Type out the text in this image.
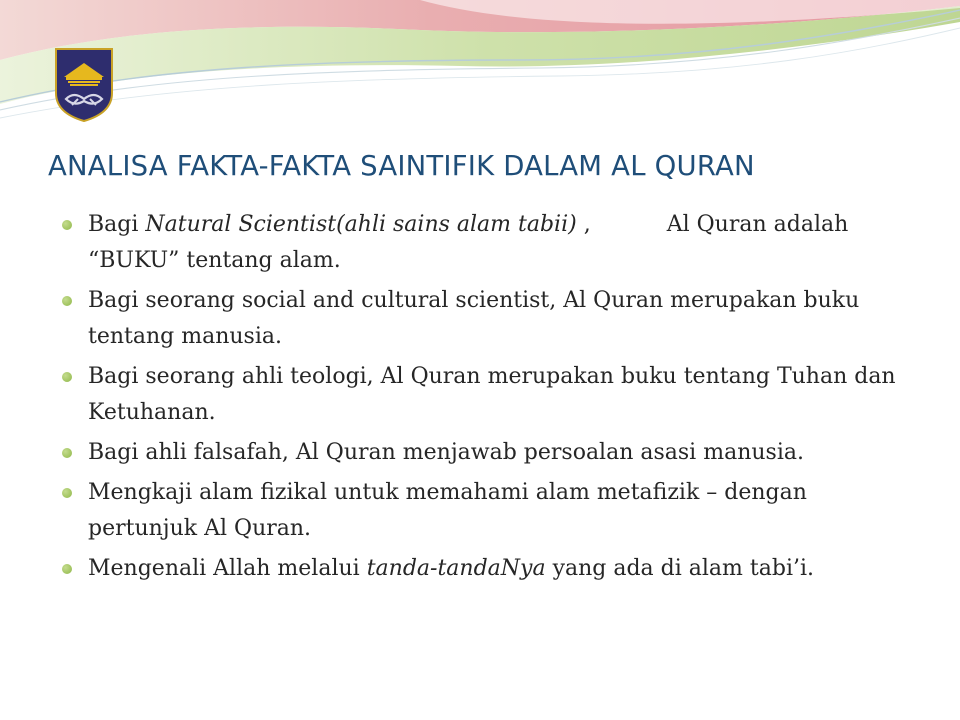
ANALISA FAKTA-FAKTA SAINTIFIK DALAM AL QURAN
Bagi Natural Scientist(ahli sains alam tabii) ,	Al Quran adalah “BUKU” tentang alam.
Bagi seorang social and cultural scientist, Al Quran merupakan buku tentang manusia.
Bagi seorang ahli teologi, Al Quran merupakan buku tentang Tuhan dan Ketuhanan.
Bagi ahli falsafah, Al Quran menjawab persoalan asasi manusia.
Mengkaji alam fizikal untuk memahami alam metafizik – dengan pertunjuk Al Quran.
Mengenali Allah melalui tanda-tandaNya yang ada di alam tabi’i.
